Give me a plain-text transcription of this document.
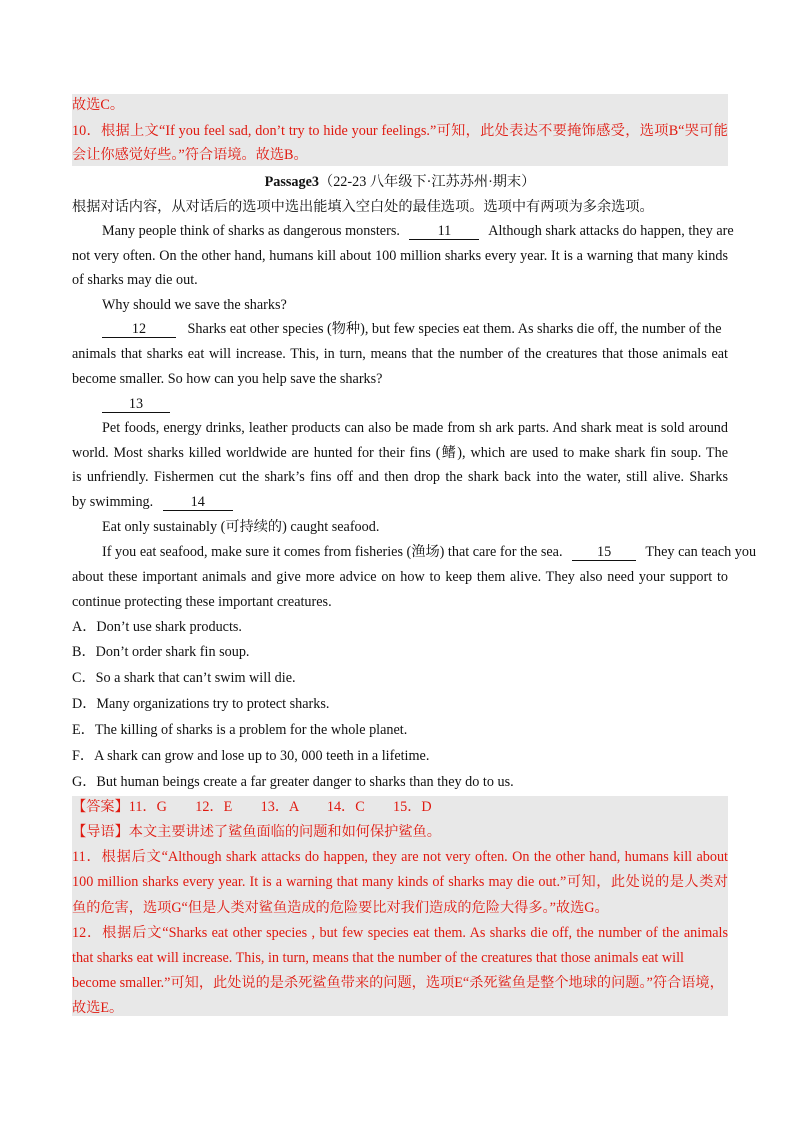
故选C。
10．根据上文“If you feel sad, don’t try to hide your feelings.”可知，此处表达不要掩饰感受，选项B“哭可能
会让你感觉好些。”符合语境。故选B。
Passage3（22-23 八年级下·江苏苏州·期末）
根据对话内容，从对话后的选项中选出能填入空白处的最佳选项。选项中有两项为多余选项。
Many people think of sharks as dangerous monsters.	11	Although shark attacks do happen, they are
not very often. On the other hand, humans kill about 100 million sharks every year. It is a warning that many kinds
of sharks may die out.
Why should we save the sharks?
12	Sharks eat other species (物种), but few species eat them. As sharks die off, the number of the
animals that sharks eat will increase. This, in turn, means that the number of the creatures that those animals eat
become smaller. So how can you help save the sharks?
13
Pet foods, energy drinks, leather products can also be made from sh ark parts. And shark meat is sold around
world. Most sharks killed worldwide are hunted for their fins (鳍), which are used to make shark fin soup. The
is unfriendly. Fishermen cut the shark’s fins off and then drop the shark back into the water, still alive. Sharks
by swimming.	14
Eat only sustainably (可持续的) caught seafood.
If you eat seafood, make sure it comes from fisheries (渔场) that care for the sea. 15 They can teach you
about these important animals and give more advice on how to keep them alive. They also need your support to
continue protecting these important creatures.
A．Don’t use shark products.
B．Don’t order shark fin soup.
C．So a shark that can’t swim will die.
D．Many organizations try to protect sharks.
E．The killing of sharks is a problem for the whole planet.
F．A shark can grow and lose up to 30, 000 teeth in a lifetime.
G．But human beings create a far greater danger to sharks than they do to us.
【答案】11．G　　12．E　　13．A　　14．C　　15．D
【导语】本文主要讲述了鲨鱼面临的问题和如何保护鲨鱼。
11．根据后文“Although shark attacks do happen, they are not very often. On the other hand, humans kill about
100 million sharks every year. It is a warning that many kinds of sharks may die out.”可知，此处说的是人类对
鱼的危害，选项G“但是人类对鲨鱼造成的危险要比对我们造成的危险大得多。”故选G。
12．根据后文“Sharks eat other species , but few species eat them. As sharks die off, the number of the animals
that sharks eat will increase. This, in turn, means that the number of the creatures that those animals eat will
become smaller.”可知，此处说的是杀死鲨鱼带来的问题，选项E“杀死鲨鱼是整个地球的问题。”符合语境，
故选E。
